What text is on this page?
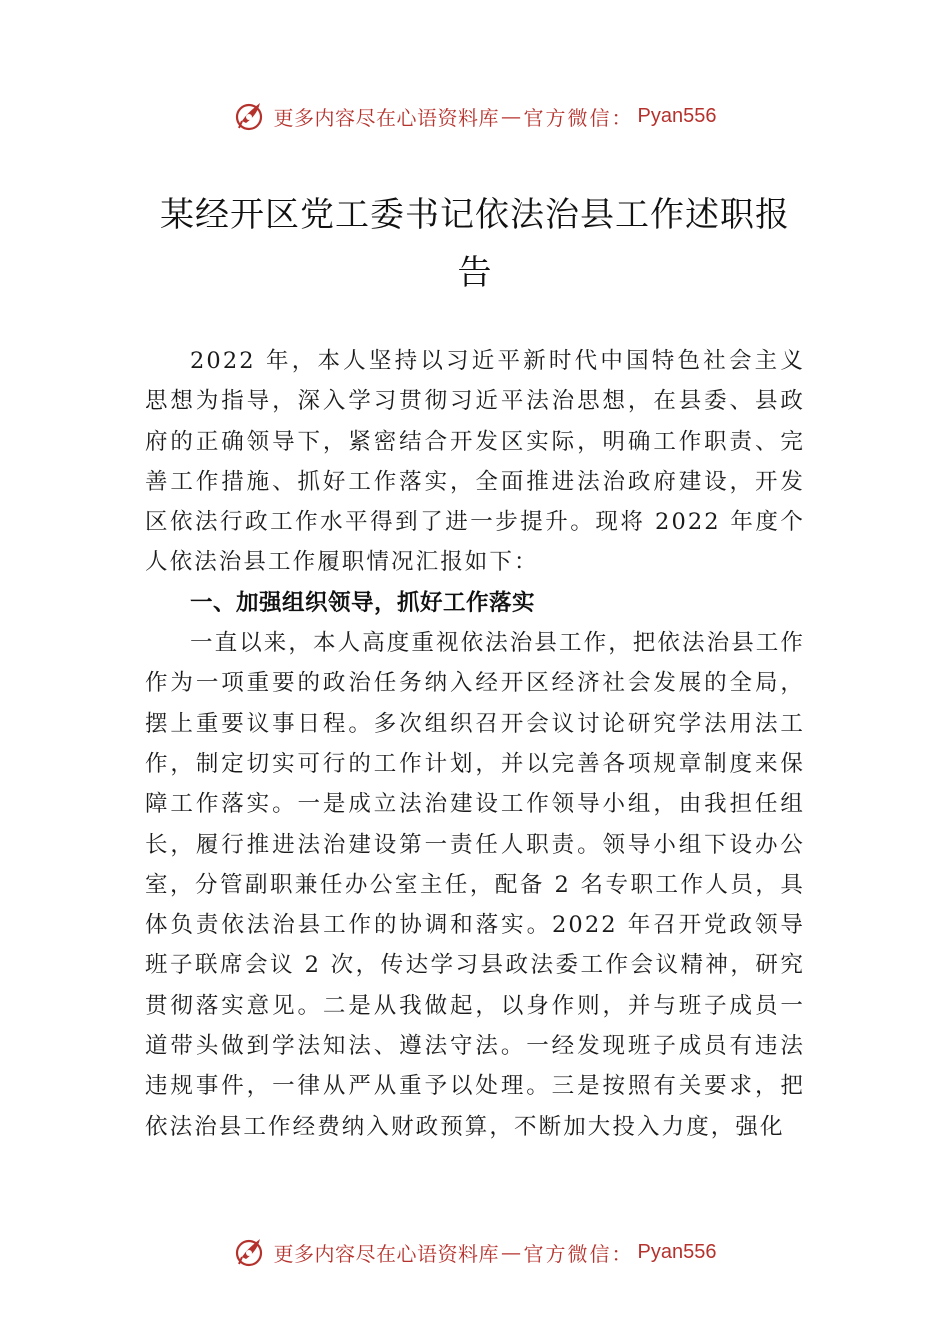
更多内容尽在心语资料库 — 官方微信： Pyan556
某经开区党工委书记依法治县工作述职报告

2022 年，本人坚持以习近平新时代中国特色社会主义思想为指导，深入学习贯彻习近平法治思想，在县委、县政府的正确领导下，紧密结合开发区实际，明确工作职责、完善工作措施、抓好工作落实，全面推进法治政府建设，开发区依法行政工作水平得到了进一步提升。现将 2022 年度个人依法治县工作履职情况汇报如下：

一、加强组织领导，抓好工作落实

一直以来，本人高度重视依法治县工作，把依法治县工作作为一项重要的政治任务纳入经开区经济社会发展的全局，摆上重要议事日程。多次组织召开会议讨论研究学法用法工作，制定切实可行的工作计划，并以完善各项规章制度来保障工作落实。一是成立法治建设工作领导小组，由我担任组长，履行推进法治建设第一责任人职责。领导小组下设办公室，分管副职兼任办公室主任，配备 2 名专职工作人员，具体负责依法治县工作的协调和落实。2022 年召开党政领导班子联席会议 2 次，传达学习县政法委工作会议精神，研究贯彻落实意见。二是从我做起，以身作则，并与班子成员一道带头做到学法知法、遵法守法。一经发现班子成员有违法违规事件，一律从严从重予以处理。三是按照有关要求，把依法治县工作经费纳入财政预算，不断加大投入力度，强化

更多内容尽在心语资料库 — 官方微信： Pyan556
